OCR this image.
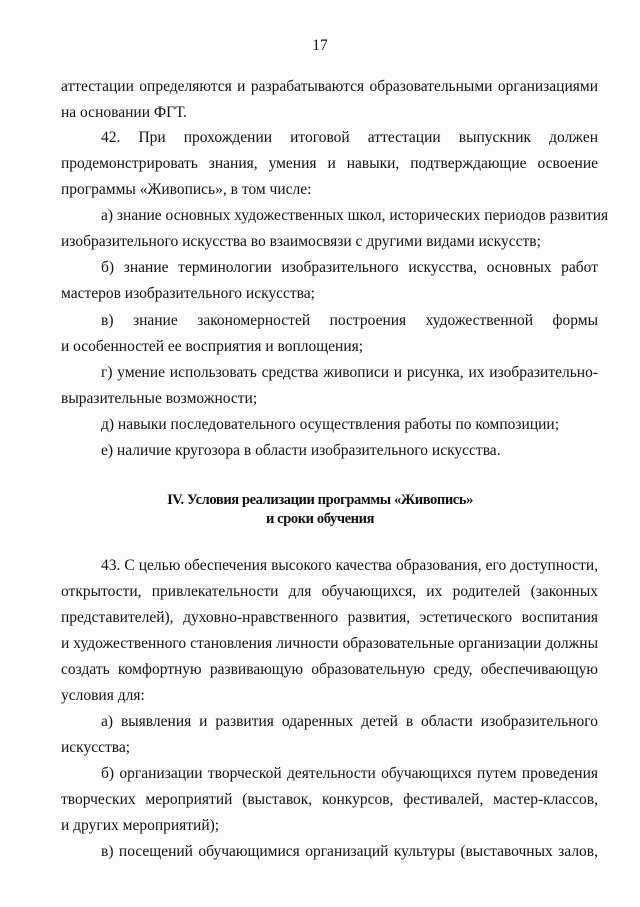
17
аттестации определяются и разрабатываются образовательными организациями
на основании ФГТ.
42. При прохождении итоговой аттестации выпускник должен
продемонстрировать знания, умения и навыки, подтверждающие освоение
программы «Живопись», в том числе:
а) знание основных художественных школ, исторических периодов развития
изобразительного искусства во взаимосвязи с другими видами искусств;
б) знание терминологии изобразительного искусства, основных работ
мастеров изобразительного искусства;
в) знание закономерностей построения художественной формы
и особенностей ее восприятия и воплощения;
г) умение использовать средства живописи и рисунка, их изобразительно-
выразительные возможности;
д) навыки последовательного осуществления работы по композиции;
е) наличие кругозора в области изобразительного искусства.
IV. Условия реализации программы «Живопись»
и сроки обучения
43. С целью обеспечения высокого качества образования, его доступности,
открытости, привлекательности для обучающихся, их родителей (законных
представителей), духовно-нравственного развития, эстетического воспитания
и художественного становления личности образовательные организации должны
создать комфортную развивающую образовательную среду, обеспечивающую
условия для:
а) выявления и развития одаренных детей в области изобразительного
искусства;
б) организации творческой деятельности обучающихся путем проведения
творческих мероприятий (выставок, конкурсов, фестивалей, мастер-классов,
и других мероприятий);
в) посещений обучающимися организаций культуры (выставочных залов,
